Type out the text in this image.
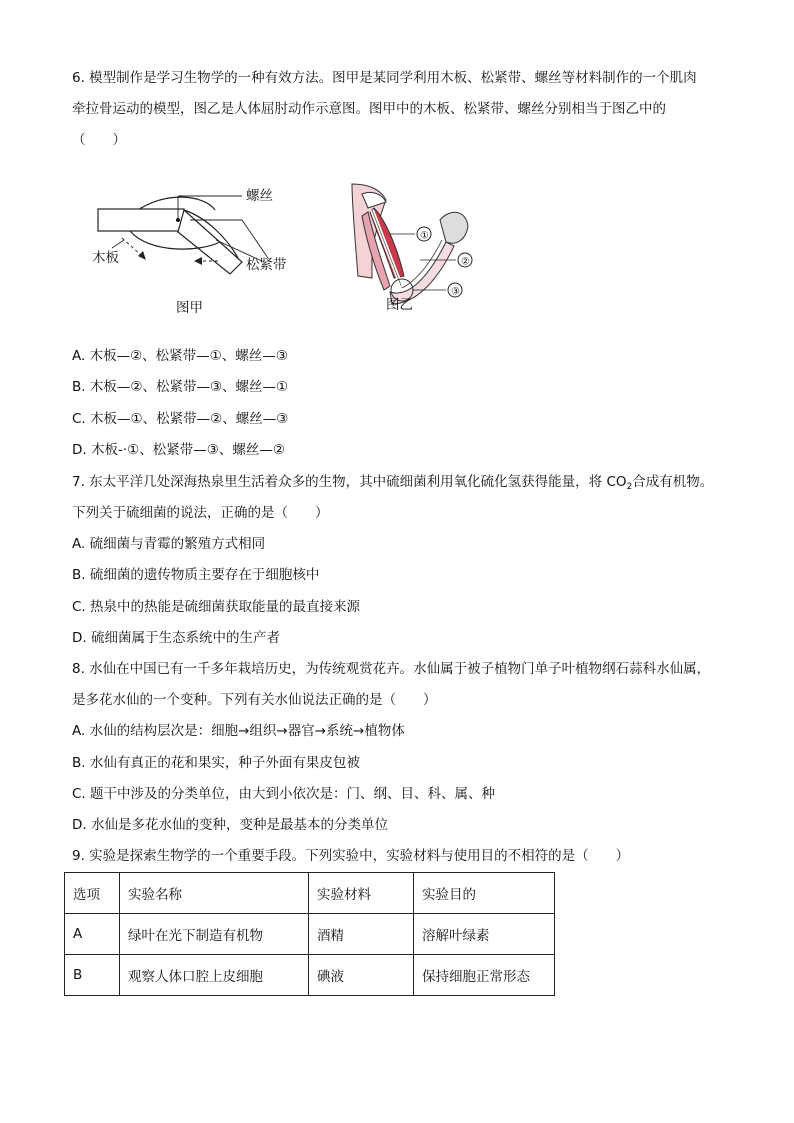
6. 模型制作是学习生物学的一种有效方法。图甲是某同学利用木板、松紧带、螺丝等材料制作的一个肌肉
牵拉骨运动的模型，图乙是人体屈肘动作示意图。图甲中的木板、松紧带、螺丝分别相当于图乙中的
（　　）
螺丝
木板	松紧带
图甲
①
②
③
图乙
A. 木板—②、松紧带—①、螺丝—③
B. 木板—②、松紧带—③、螺丝—①
C. 木板—①、松紧带—②、螺丝—③
D. 木板-·①、松紧带—③、螺丝—②
7. 东太平洋几处深海热泉里生活着众多的生物，其中硫细菌利用氧化硫化氢获得能量，将 $CO_2$合成有机物。
下列关于硫细菌的说法，正确的是（　　）
A. 硫细菌与青霉的繁殖方式相同
B. 硫细菌的遗传物质主要存在于细胞核中
C. 热泉中的热能是硫细菌获取能量的最直接来源
D. 硫细菌属于生态系统中的生产者
8. 水仙在中国已有一千多年栽培历史，为传统观赏花卉。水仙属于被子植物门单子叶植物纲石蒜科水仙属，
是多花水仙的一个变种。下列有关水仙说法正确的是（　　）
A. 水仙的结构层次是：细胞→组织→器官→系统→植物体
B. 水仙有真正的花和果实，种子外面有果皮包被
C. 题干中涉及的分类单位，由大到小依次是：门、纲、目、科、属、种
D. 水仙是多花水仙的变种，变种是最基本的分类单位
9. 实验是探索生物学的一个重要手段。下列实验中，实验材料与使用目的不相符的是（　　）
选项	实验名称	实验材料	实验目的
A	绿叶在光下制造有机物	酒精	溶解叶绿素
B	观察人体口腔上皮细胞	碘液	保持细胞正常形态
